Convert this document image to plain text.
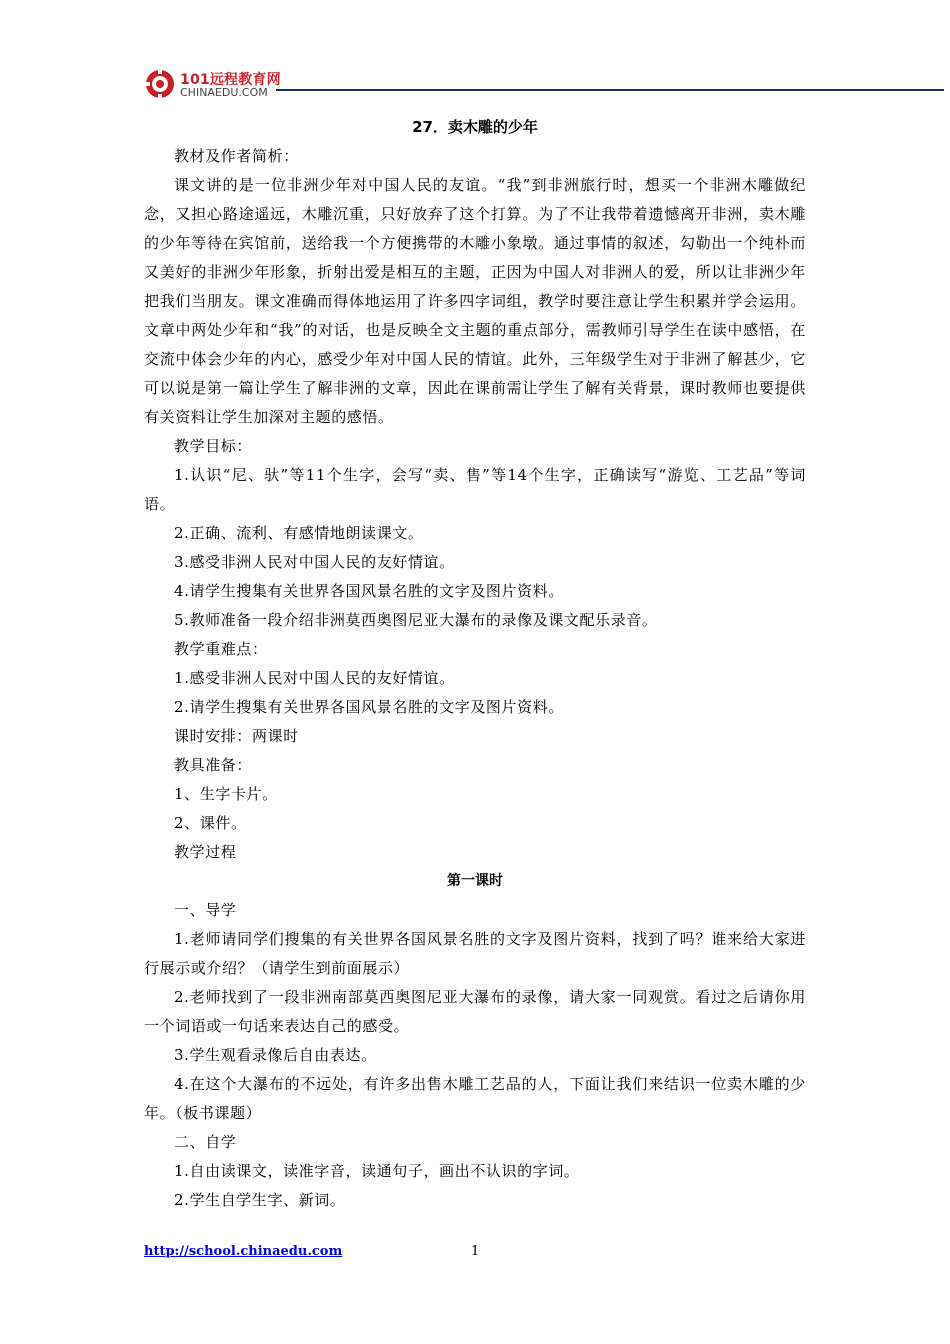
101远程教育网
CHINAEDU.COM
27．卖木雕的少年

教材及作者简析：

课文讲的是一位非洲少年对中国人民的友谊。“我”到非洲旅行时，想买一个非洲木雕做纪念，又担心路途遥远，木雕沉重，只好放弃了这个打算。为了不让我带着遗憾离开非洲，卖木雕的少年等待在宾馆前，送给我一个方便携带的木雕小象墩。通过事情的叙述，勾勒出一个纯朴而又美好的非洲少年形象，折射出爱是相互的主题，正因为中国人对非洲人的爱，所以让非洲少年把我们当朋友。课文准确而得体地运用了许多四字词组，教学时要注意让学生积累并学会运用。文章中两处少年和“我”的对话，也是反映全文主题的重点部分，需教师引导学生在读中感悟，在交流中体会少年的内心，感受少年对中国人民的情谊。此外，三年级学生对于非洲了解甚少，它可以说是第一篇让学生了解非洲的文章，因此在课前需让学生了解有关背景，课时教师也要提供有关资料让学生加深对主题的感悟。

教学目标：

1.认识“尼、驮”等11个生字，会写“卖、售”等14个生字，正确读写“游览、工艺品”等词语。

2.正确、流利、有感情地朗读课文。

3.感受非洲人民对中国人民的友好情谊。

4.请学生搜集有关世界各国风景名胜的文字及图片资料。

5.教师准备一段介绍非洲莫西奥图尼亚大瀑布的录像及课文配乐录音。

教学重难点：

1.感受非洲人民对中国人民的友好情谊。

2.请学生搜集有关世界各国风景名胜的文字及图片资料。

课时安排：两课时

教具准备：

1、生字卡片。

2、课件。

教学过程

第一课时

一、导学

1.老师请同学们搜集的有关世界各国风景名胜的文字及图片资料，找到了吗？谁来给大家进行展示或介绍？（请学生到前面展示）

2.老师找到了一段非洲南部莫西奥图尼亚大瀑布的录像，请大家一同观赏。看过之后请你用一个词语或一句话来表达自己的感受。

3.学生观看录像后自由表达。

4.在这个大瀑布的不远处，有许多出售木雕工艺品的人，下面让我们来结识一位卖木雕的少年。（板书课题）

二、自学

1.自由读课文，读准字音，读通句子，画出不认识的字词。

2.学生自学生字、新词。

http://school.chinaedu.com	1
